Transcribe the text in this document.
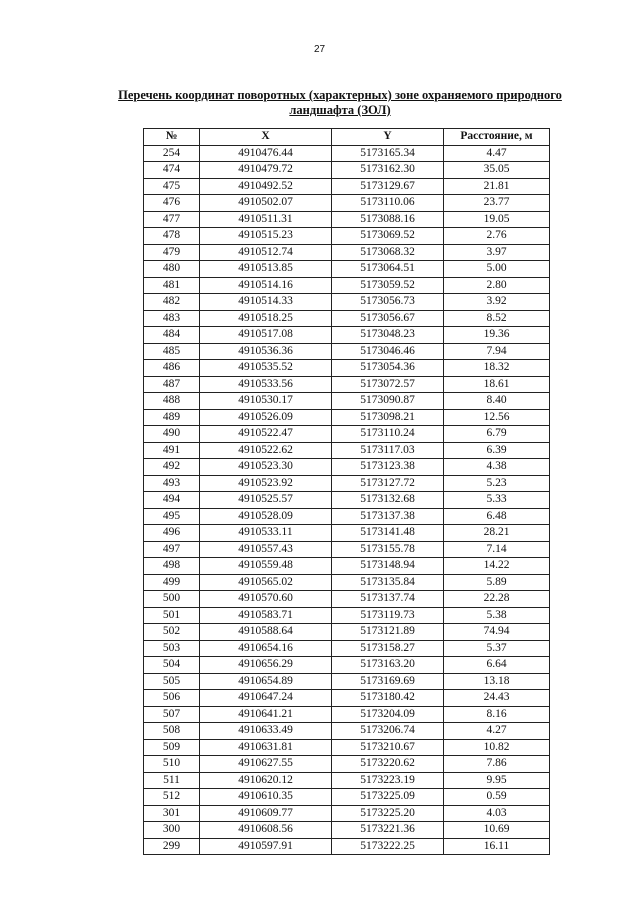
27
Перечень координат поворотных (характерных) зоне охраняемого природного
ландшафта (ЗОЛ)
№	X	Y	Расстояние, м
254	4910476.44	5173165.34	4.47
474	4910479.72	5173162.30	35.05
475	4910492.52	5173129.67	21.81
476	4910502.07	5173110.06	23.77
477	4910511.31	5173088.16	19.05
478	4910515.23	5173069.52	2.76
479	4910512.74	5173068.32	3.97
480	4910513.85	5173064.51	5.00
481	4910514.16	5173059.52	2.80
482	4910514.33	5173056.73	3.92
483	4910518.25	5173056.67	8.52
484	4910517.08	5173048.23	19.36
485	4910536.36	5173046.46	7.94
486	4910535.52	5173054.36	18.32
487	4910533.56	5173072.57	18.61
488	4910530.17	5173090.87	8.40
489	4910526.09	5173098.21	12.56
490	4910522.47	5173110.24	6.79
491	4910522.62	5173117.03	6.39
492	4910523.30	5173123.38	4.38
493	4910523.92	5173127.72	5.23
494	4910525.57	5173132.68	5.33
495	4910528.09	5173137.38	6.48
496	4910533.11	5173141.48	28.21
497	4910557.43	5173155.78	7.14
498	4910559.48	5173148.94	14.22
499	4910565.02	5173135.84	5.89
500	4910570.60	5173137.74	22.28
501	4910583.71	5173119.73	5.38
502	4910588.64	5173121.89	74.94
503	4910654.16	5173158.27	5.37
504	4910656.29	5173163.20	6.64
505	4910654.89	5173169.69	13.18
506	4910647.24	5173180.42	24.43
507	4910641.21	5173204.09	8.16
508	4910633.49	5173206.74	4.27
509	4910631.81	5173210.67	10.82
510	4910627.55	5173220.62	7.86
511	4910620.12	5173223.19	9.95
512	4910610.35	5173225.09	0.59
301	4910609.77	5173225.20	4.03
300	4910608.56	5173221.36	10.69
299	4910597.91	5173222.25	16.11
